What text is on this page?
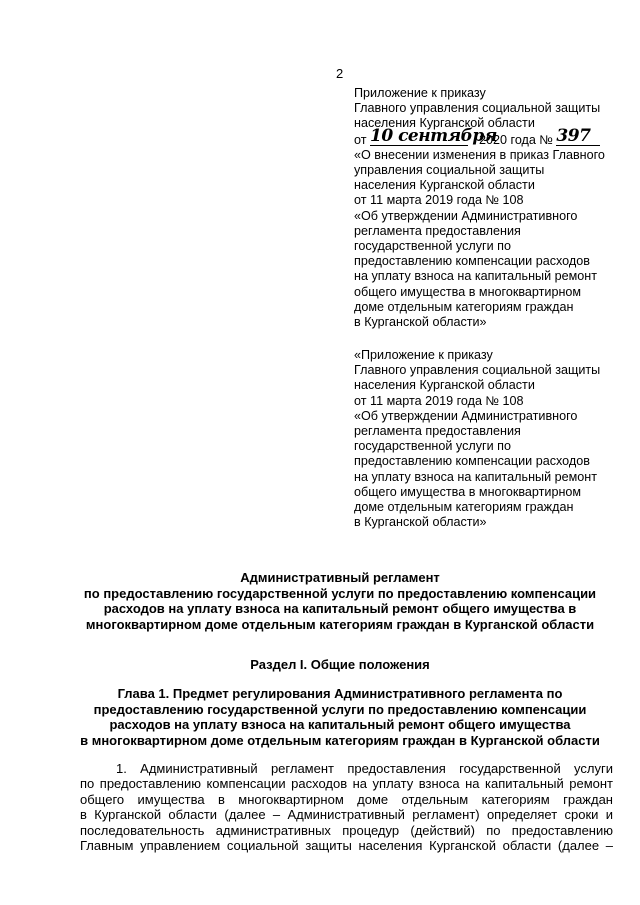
2
Приложение к приказу
Главного управления социальной защиты
населения Курганской области
от 10 сентября  2020 года № 397
«О внесении изменения в приказ Главного
управления социальной защиты
населения Курганской области
от 11 марта 2019 года № 108
«Об утверждении Административного
регламента предоставления
государственной услуги по
предоставлению компенсации расходов
на уплату взноса на капитальный ремонт
общего имущества в многоквартирном
доме отдельным категориям граждан
в Курганской области»
«Приложение к приказу
Главного управления социальной защиты
населения Курганской области
от 11 марта 2019 года № 108
«Об утверждении Административного
регламента предоставления
государственной услуги по
предоставлению компенсации расходов
на уплату взноса на капитальный ремонт
общего имущества в многоквартирном
доме отдельным категориям граждан
в Курганской области»
Административный регламент
по предоставлению государственной услуги по предоставлению компенсации
расходов на уплату взноса на капитальный ремонт общего имущества в
многоквартирном доме отдельным категориям граждан в Курганской области
Раздел I. Общие положения
Глава 1. Предмет регулирования Административного регламента по
предоставлению государственной услуги по предоставлению компенсации
расходов на уплату взноса на капитальный ремонт общего имущества
в многоквартирном доме отдельным категориям граждан в Курганской области
1. Административный регламент предоставления государственной услуги
по предоставлению компенсации расходов на уплату взноса на капитальный ремонт
общего имущества в многоквартирном доме отдельным категориям граждан
в Курганской области (далее – Административный регламент) определяет сроки и
последовательность административных процедур (действий) по предоставлению
Главным управлением социальной защиты населения Курганской области (далее –
